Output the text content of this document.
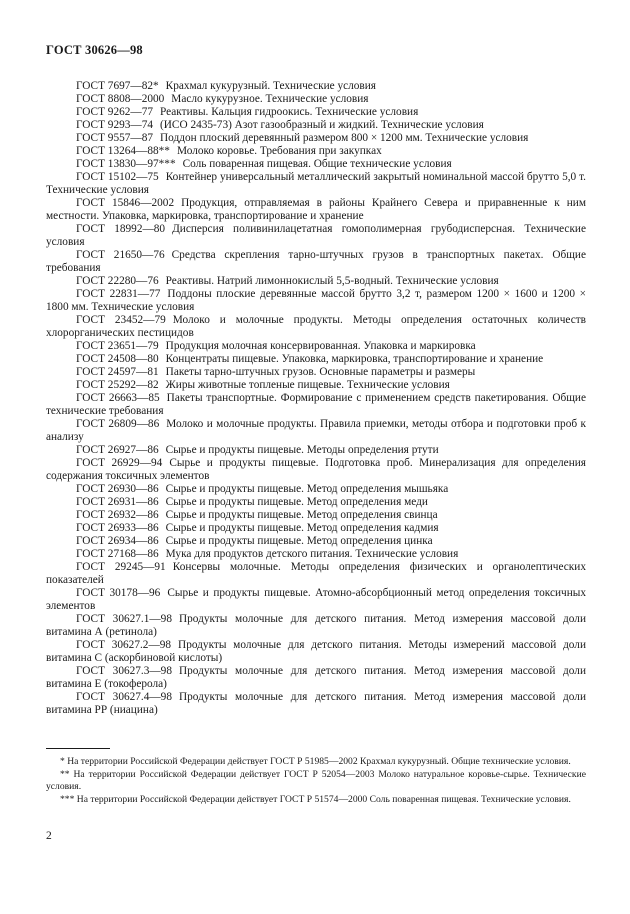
ГОСТ 30626—98

ГОСТ 7697—82* Крахмал кукурузный. Технические условия

ГОСТ 8808—2000 Масло кукурузное. Технические условия

ГОСТ 9262—77 Реактивы. Кальция гидроокись. Технические условия

ГОСТ 9293—74 (ИСО 2435-73) Азот газообразный и жидкий. Технические условия

ГОСТ 9557—87 Поддон плоский деревянный размером 800 × 1200 мм. Технические условия

ГОСТ 13264—88** Молоко коровье. Требования при закупках

ГОСТ 13830—97*** Соль поваренная пищевая. Общие технические условия

ГОСТ 15102—75 Контейнер универсальный металлический закрытый номинальной массой брутто 5,0 т. Технические условия

ГОСТ 15846—2002 Продукция, отправляемая в районы Крайнего Севера и приравненные к ним местности. Упаковка, маркировка, транспортирование и хранение

ГОСТ 18992—80 Дисперсия поливинилацетатная гомополимерная грубодисперсная. Технические условия

ГОСТ 21650—76 Средства скрепления тарно-штучных грузов в транспортных пакетах. Общие требования

ГОСТ 22280—76 Реактивы. Натрий лимоннокислый 5,5-водный. Технические условия

ГОСТ 22831—77 Поддоны плоские деревянные массой брутто 3,2 т, размером 1200 × 1600 и 1200 × 1800 мм. Технические условия

ГОСТ 23452—79 Молоко и молочные продукты. Методы определения остаточных количеств хлорорганических пестицидов

ГОСТ 23651—79 Продукция молочная консервированная. Упаковка и маркировка

ГОСТ 24508—80 Концентраты пищевые. Упаковка, маркировка, транспортирование и хранение

ГОСТ 24597—81 Пакеты тарно-штучных грузов. Основные параметры и размеры

ГОСТ 25292—82 Жиры животные топленые пищевые. Технические условия

ГОСТ 26663—85 Пакеты транспортные. Формирование с применением средств пакетирования. Общие технические требования

ГОСТ 26809—86 Молоко и молочные продукты. Правила приемки, методы отбора и подготовки проб к анализу

ГОСТ 26927—86 Сырье и продукты пищевые. Методы определения ртути

ГОСТ 26929—94 Сырье и продукты пищевые. Подготовка проб. Минерализация для определения содержания токсичных элементов

ГОСТ 26930—86 Сырье и продукты пищевые. Метод определения мышьяка

ГОСТ 26931—86 Сырье и продукты пищевые. Метод определения меди

ГОСТ 26932—86 Сырье и продукты пищевые. Метод определения свинца

ГОСТ 26933—86 Сырье и продукты пищевые. Метод определения кадмия

ГОСТ 26934—86 Сырье и продукты пищевые. Метод определения цинка

ГОСТ 27168—86 Мука для продуктов детского питания. Технические условия

ГОСТ 29245—91 Консервы молочные. Методы определения физических и органолептических показателей

ГОСТ 30178—96 Сырье и продукты пищевые. Атомно-абсорбционный метод определения токсичных элементов

ГОСТ 30627.1—98 Продукты молочные для детского питания. Метод измерения массовой доли витамина А (ретинола)

ГОСТ 30627.2—98 Продукты молочные для детского питания. Методы измерений массовой доли витамина С (аскорбиновой кислоты)

ГОСТ 30627.3—98 Продукты молочные для детского питания. Метод измерения массовой доли витамина Е (токоферола)

ГОСТ 30627.4—98 Продукты молочные для детского питания. Метод измерения массовой доли витамина РР (ниацина)

* На территории Российской Федерации действует ГОСТ Р 51985—2002 Крахмал кукурузный. Общие технические условия.

** На территории Российской Федерации действует ГОСТ Р 52054—2003 Молоко натуральное коровье-сырье. Технические условия.

*** На территории Российской Федерации действует ГОСТ Р 51574—2000 Соль поваренная пищевая. Технические условия.

2
